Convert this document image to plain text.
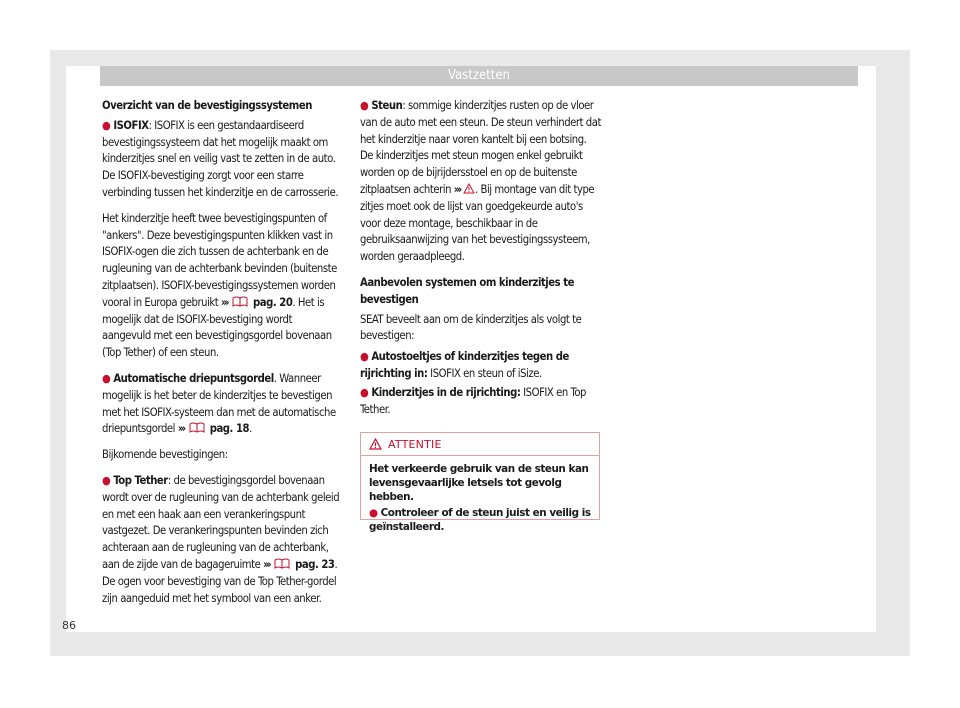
Vastzetten
Overzicht van de bevestigingssystemen

● ISOFIX: ISOFIX is een gestandaardiseerd bevestigingssysteem dat het mogelijk maakt om kinderzitjes snel en veilig vast te zetten in de auto. De ISOFIX-bevestiging zorgt voor een starre verbinding tussen het kinderzitje en de carrosserie.

Het kinderzitje heeft twee bevestigingspunten of "ankers". Deze bevestigingspunten klikken vast in ISOFIX-ogen die zich tussen de achterbank en de rugleuning van de achterbank bevinden (buitenste zitplaatsen). ISOFIX-bevestigingssystemen worden vooral in Europa gebruikt ››› pag. 20. Het is mogelijk dat de ISOFIX-bevestiging wordt aangevuld met een bevestigingsgordel bovenaan (Top Tether) of een steun.

● Automatische driepuntsgordel. Wanneer mogelijk is het beter de kinderzitjes te bevestigen met het ISOFIX-systeem dan met de automatische driepuntsgordel ››› pag. 18.

Bijkomende bevestigingen:

● Top Tether: de bevestigingsgordel bovenaan wordt over de rugleuning van de achterbank geleid en met een haak aan een verankeringspunt vastgezet. De verankeringspunten bevinden zich achteraan aan de rugleuning van de achterbank, aan de zijde van de bagageruimte ››› pag. 23. De ogen voor bevestiging van de Top Tether-gordel zijn aangeduid met het symbool van een anker.

● Steun: sommige kinderzitjes rusten op de vloer van de auto met een steun. De steun verhindert dat het kinderzitje naar voren kantelt bij een botsing. De kinderzitjes met steun mogen enkel gebruikt worden op de bijrijdersstoel en op de buitenste zitplaatsen achterin ››› . Bij montage van dit type zitjes moet ook de lijst van goedgekeurde auto's voor deze montage, beschikbaar in de gebruiksaanwijzing van het bevestigingssysteem, worden geraadpleegd.

Aanbevolen systemen om kinderzitjes te bevestigen

SEAT beveelt aan om de kinderzitjes als volgt te bevestigen:

● Autostoeltjes of kinderzitjes tegen de rijrichting in: ISOFIX en steun of iSize.

● Kinderzitjes in de rijrichting: ISOFIX en Top Tether.

ATTENTIE

Het verkeerde gebruik van de steun kan levensgevaarlijke letsels tot gevolg hebben.

● Controleer of de steun juist en veilig is geïnstalleerd.

86
